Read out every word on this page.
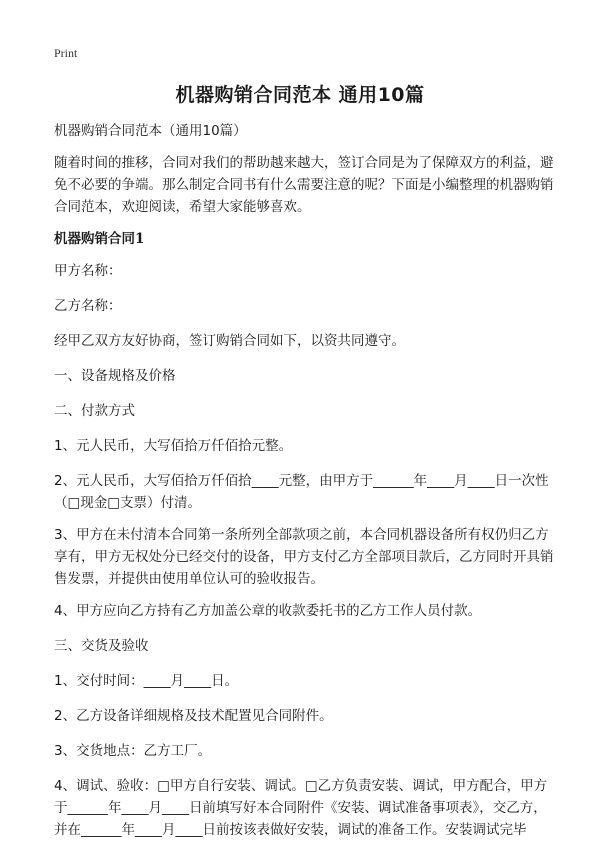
Print
机器购销合同范本 通用10篇

机器购销合同范本（通用10篇）

随着时间的推移，合同对我们的帮助越来越大，签订合同是为了保障双方的利益，避免不必要的争端。那么制定合同书有什么需要注意的呢？下面是小编整理的机器购销合同范本，欢迎阅读，希望大家能够喜欢。

机器购销合同1

甲方名称：

乙方名称：

经甲乙双方友好协商，签订购销合同如下，以资共同遵守。

一、设备规格及价格

二、付款方式

1、元人民币，大写佰拾万仟佰拾元整。

2、元人民币，大写佰拾万仟佰拾____元整，由甲方于______年____月____日一次性（□现金□支票）付清。

3、甲方在未付清本合同第一条所列全部款项之前，本合同机器设备所有权仍归乙方享有，甲方无权处分已经交付的设备，甲方支付乙方全部项目款后，乙方同时开具销售发票，并提供由使用单位认可的验收报告。

4、甲方应向乙方持有乙方加盖公章的收款委托书的乙方工作人员付款。

三、交货及验收

1、交付时间：____月____日。

2、乙方设备详细规格及技术配置见合同附件。

3、交货地点：乙方工厂。

4、调试、验收：□甲方自行安装、调试。□乙方负责安装、调试，甲方配合，甲方于______年____月____日前填写好本合同附件《安装、调试准备事项表》，交乙方，并在______年____月____日前按该表做好安装，调试的准备工作。安装调试完毕
